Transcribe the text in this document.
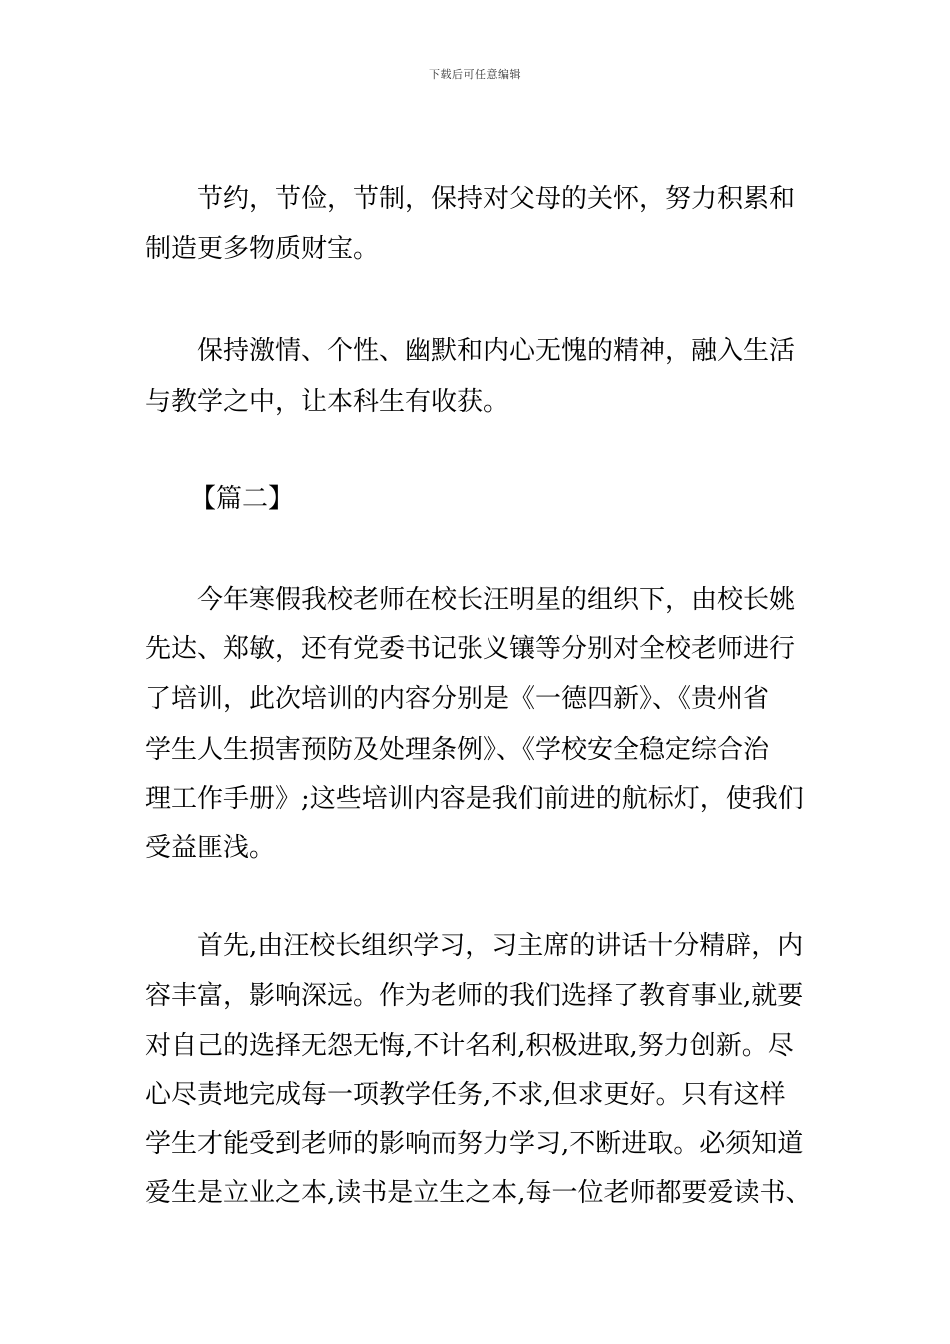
下载后可任意编辑
节约，节俭，节制，保持对父母的关怀，努力积累和
制造更多物质财宝。
保持激情、个性、幽默和内心无愧的精神，融入生活
与教学之中，让本科生有收获。
【篇二】
今年寒假我校老师在校长汪明星的组织下，由校长姚
先达、郑敏，还有党委书记张义镶等分别对全校老师进行
了培训，此次培训的内容分别是《一德四新》、《贵州省
学生人生损害预防及处理条例》、《学校安全稳定综合治
理工作手册》;这些培训内容是我们前进的航标灯，使我们
受益匪浅。
首先,由汪校长组织学习，习主席的讲话十分精辟，内
容丰富，影响深远。作为老师的我们选择了教育事业,就要
对自己的选择无怨无悔,不计名利,积极进取,努力创新。尽
心尽责地完成每一项教学任务,不求,但求更好。只有这样
学生才能受到老师的影响而努力学习,不断进取。必须知道
爱生是立业之本,读书是立生之本,每一位老师都要爱读书、
